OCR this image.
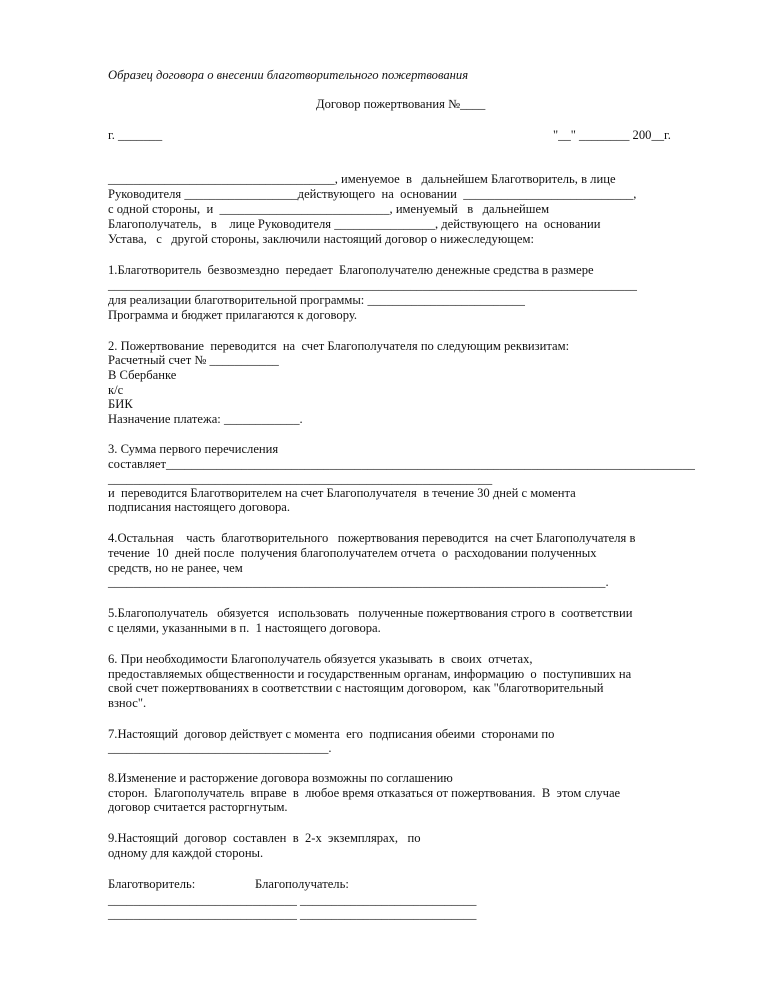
Образец договора о внесении благотворительного пожертвования
Договор пожертвования №____
г. _______	"__" ________ 200__г.
____________________________________, именуемое  в   дальнейшем Благотворитель, в лице
Руководителя __________________действующего  на  основании  ___________________________,
с одной стороны,  и  ___________________________, именуемый   в   дальнейшем
Благополучатель,   в    лице Руководителя ________________, действующего  на  основании
Устава,   с   другой стороны, заключили настоящий договор о нижеследующем:
1.Благотворитель  безвозмездно  передает  Благополучателю денежные средства в размере
____________________________________________________________________________________
для реализации благотворительной программы: _________________________
Программа и бюджет прилагаются к договору.
2. Пожертвование  переводится  на  счет Благополучателя по следующим реквизитам:
Расчетный счет № ___________
В Сбербанке
к/с
БИК
Назначение платежа: ____________.
3. Сумма первого перечисления
составляет____________________________________________________________________________________
_____________________________________________________________
и  переводится Благотворителем на счет Благополучателя  в течение 30 дней с момента
подписания настоящего договора.
4.Остальная    часть  благотворительного   пожертвования переводится  на счет Благополучателя в
течение  10  дней после  получения благополучателем отчета  о  расходовании полученных
средств, но не ранее, чем
_______________________________________________________________________________.
5.Благополучатель   обязуется   использовать   полученные пожертвования строго в  соответствии
с целями, указанными в п.  1 настоящего договора.
6. При необходимости Благополучатель обязуется указывать  в  своих  отчетах,
предоставляемых общественности и государственным органам, информацию  о  поступивших на
свой счет пожертвованиях в соответствии с настоящим договором,  как "благотворительный
взнос".
7.Настоящий  договор действует с момента  его  подписания обеими  сторонами по
___________________________________.
8.Изменение и расторжение договора возможны по соглашению
сторон.  Благополучатель  вправе  в  любое время отказаться от пожертвования.  В  этом случае
договор считается расторгнутым.
9.Настоящий  договор  составлен  в  2-х  экземплярах,   по
одному для каждой стороны.
Благотворитель:                   Благополучатель:
______________________________ ____________________________
______________________________ ____________________________
